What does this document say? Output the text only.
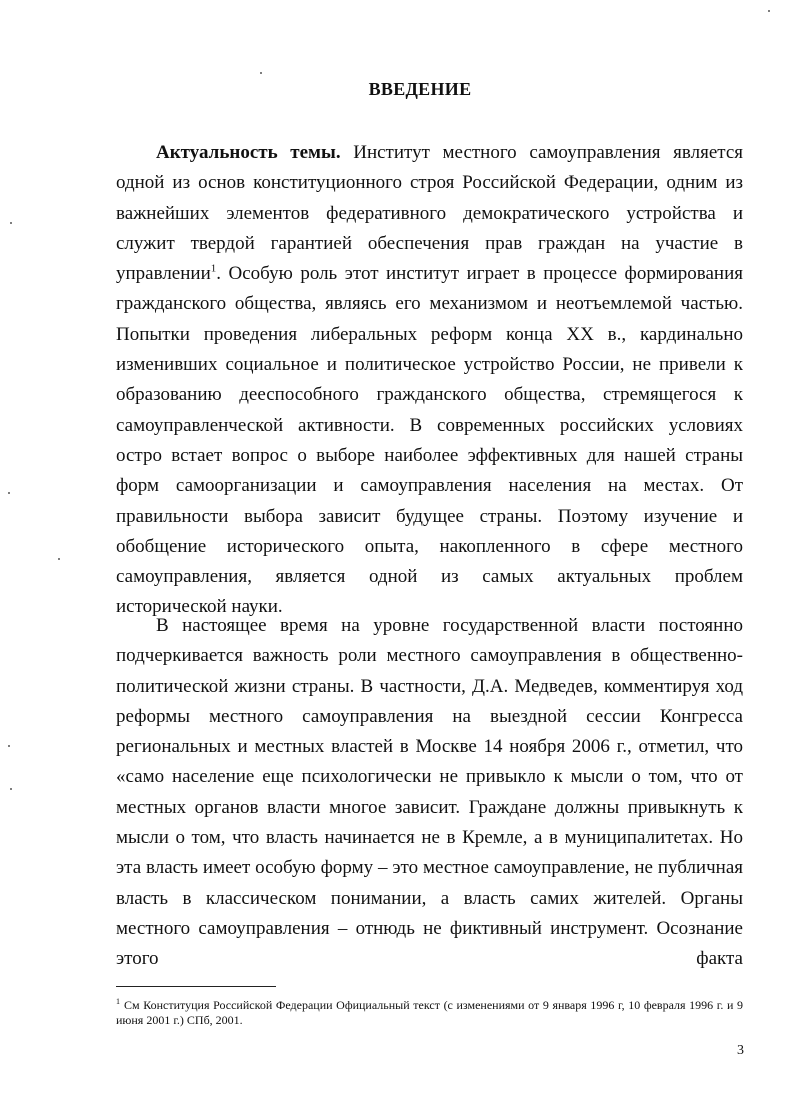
ВВЕДЕНИЕ

Актуальность темы. Институт местного самоуправления является одной из основ конституционного строя Российской Федерации, одним из важнейших элементов федеративного демократического устройства и служит твердой гарантией обеспечения прав граждан на участие в управлении$^1$. Особую роль этот институт играет в процессе формирования гражданского общества, являясь его механизмом и неотъемлемой частью. Попытки проведения либеральных реформ конца XX в., кардинально изменивших социальное и политическое устройство России, не привели к образованию дееспособного гражданского общества, стремящегося к самоуправленческой активности. В современных российских условиях остро встает вопрос о выборе наиболее эффективных для нашей страны форм самоорганизации и самоуправления населения на местах. От правильности выбора зависит будущее страны. Поэтому изучение и обобщение исторического опыта, накопленного в сфере местного самоуправления, является одной из самых актуальных проблем исторической науки.

В настоящее время на уровне государственной власти постоянно подчеркивается важность роли местного самоуправления в общественно-политической жизни страны. В частности, Д.А. Медведев, комментируя ход реформы местного самоуправления на выездной сессии Конгресса региональных и местных властей в Москве 14 ноября 2006 г., отметил, что «само население еще психологически не привыкло к мысли о том, что от местных органов власти многое зависит. Граждане должны привыкнуть к мысли о том, что власть начинается не в Кремле, а в муниципалитетах. Но эта власть имеет особую форму – это местное самоуправление, не публичная власть в классическом понимании, а власть самих жителей. Органы местного самоуправления – отнюдь не фиктивный инструмент. Осознание этого факта

$^1$ См Конституция Российской Федерации Официальный текст (с изменениями от 9 января 1996 г, 10 февраля 1996 г. и 9 июня 2001 г.) СПб, 2001.

3
